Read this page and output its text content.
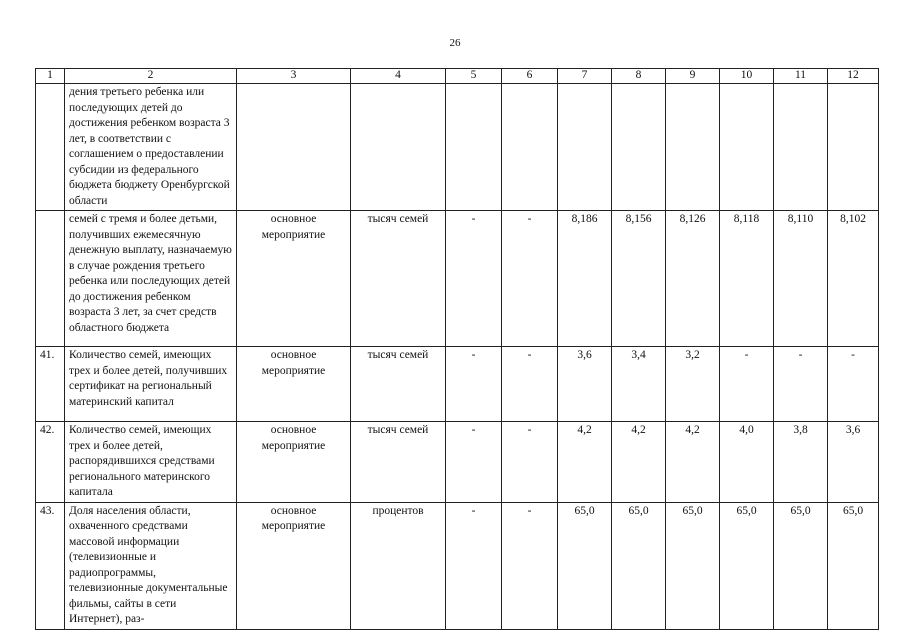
26
1	2	3	4	5	6	7	8	9	10	11	12
	дения третьего ребенка или последующих детей до достижения ребенком возраста 3 лет, в соответствии с соглашением о предоставлении субсидии из федерального бюджета бюджету Оренбургской области										
	семей с тремя и более детьми, получивших ежемесячную денежную выплату, назначаемую в случае рождения третьего ребенка или последующих детей до достижения ребенком возраста 3 лет, за счет средств областного бюджета	основное мероприятие	тысяч семей	-	-	8,186	8,156	8,126	8,118	8,110	8,102
41.	Количество семей, имеющих трех и более детей, получивших сертификат на региональный материнский капитал	основное мероприятие	тысяч семей	-	-	3,6	3,4	3,2	-	-	-
42.	Количество семей, имеющих трех и более детей, распорядившихся средствами регионального материнского капитала	основное мероприятие	тысяч семей	-	-	4,2	4,2	4,2	4,0	3,8	3,6
43.	Доля населения области, охваченного средствами массовой информации (телевизионные и радиопрограммы, телевизионные документальные фильмы, сайты в сети Интернет), раз-	основное мероприятие	процентов	-	-	65,0	65,0	65,0	65,0	65,0	65,0
